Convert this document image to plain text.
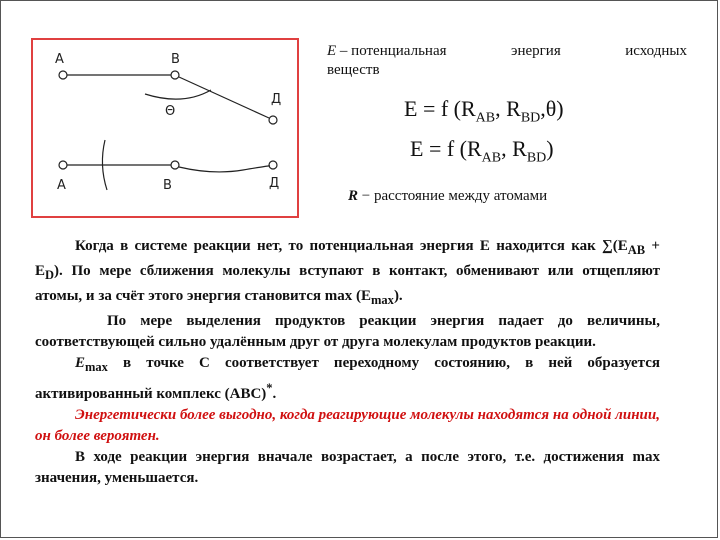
А	В
Д
Θ
А	В	Д
E – потенциальная	энергия	исходных
веществ
E = f ($R_{AB}$, $R_{BD},\theta$)
E = f ($R_{AB}$, $R_{BD}$)
R − расстояние между атомами

Когда в системе реакции нет, то потенциальная энергия E находится как $\sum(E_{AB} + E_D)$. По мере сближения молекулы вступают в контакт, обменивают или отщепляют атомы, и за счёт этого энергия становится $\max (E_{max})$.

По мере выделения продуктов реакции энергия падает до величины, соответствующей сильно удалённым друг от друга молекулам продуктов реакции.

$E_{max}$ в точке C соответствует переходному состоянию, в ней образуется активированный комплекс (ABC)*.

Энергетически более выгодно, когда реагирующие молекулы находятся на одной линии, он более вероятен.

В ходе реакции энергия вначале возрастает, а после этого, т.е. достижения max значения, уменьшается.
